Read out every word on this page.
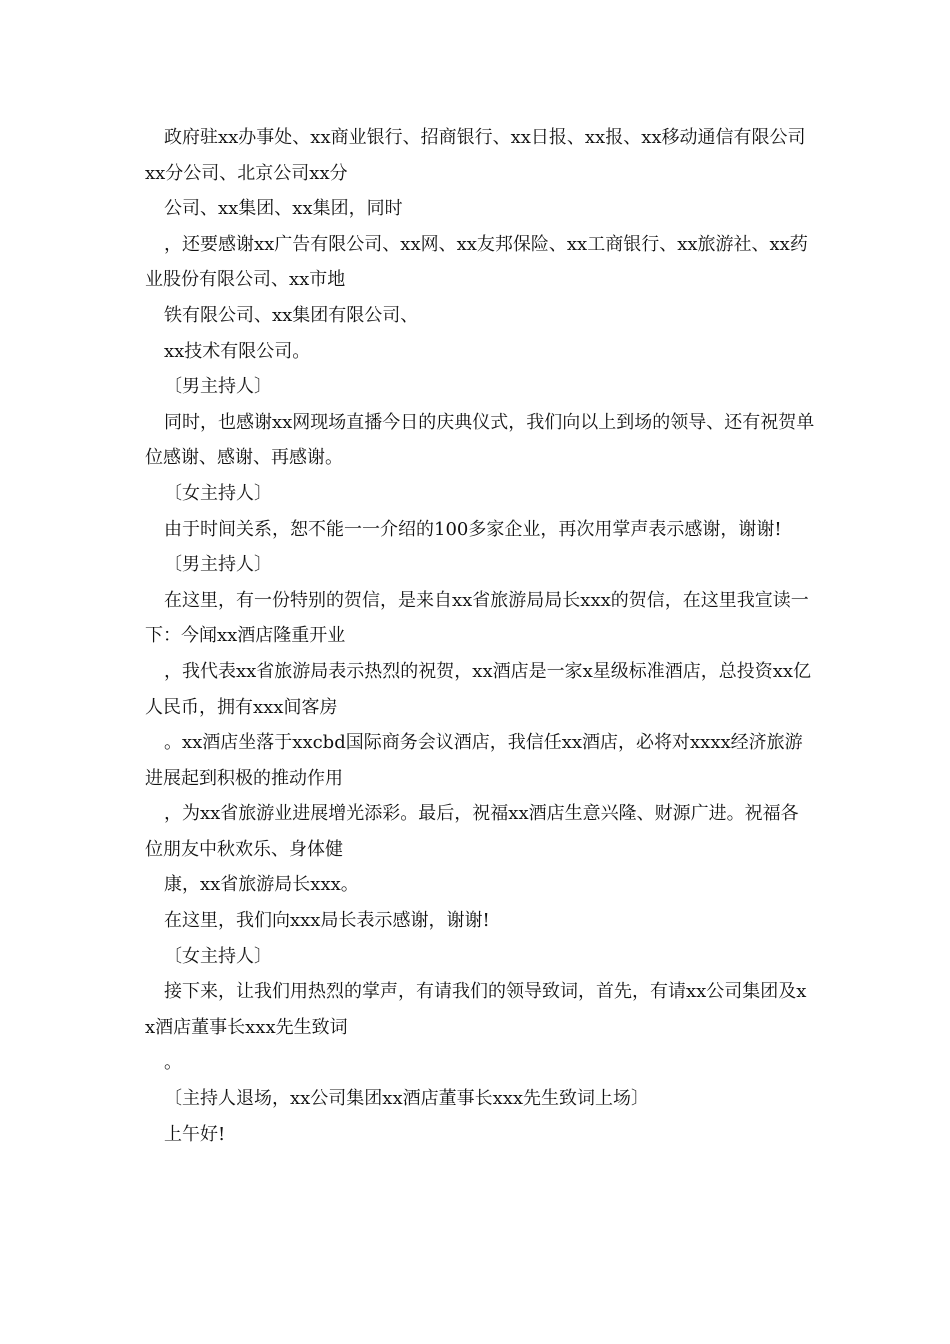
政府驻xx办事处、xx商业银行、招商银行、xx日报、xx报、xx移动通信有限公司xx分公司、北京公司xx分

公司、xx集团、xx集团，同时

，还要感谢xx广告有限公司、xx网、xx友邦保险、xx工商银行、xx旅游社、xx药业股份有限公司、xx市地

铁有限公司、xx集团有限公司、

xx技术有限公司。

〔男主持人〕

同时，也感谢xx网现场直播今日的庆典仪式，我们向以上到场的领导、还有祝贺单位感谢、感谢、再感谢。

〔女主持人〕

由于时间关系，恕不能一一介绍的100多家企业，再次用掌声表示感谢，谢谢!

〔男主持人〕

在这里，有一份特别的贺信，是来自xx省旅游局局长xxx的贺信，在这里我宣读一下：今闻xx酒店隆重开业

，我代表xx省旅游局表示热烈的祝贺，xx酒店是一家x星级标准酒店，总投资xx亿人民币，拥有xxx间客房

。xx酒店坐落于xxcbd国际商务会议酒店，我信任xx酒店，必将对xxxx经济旅游进展起到积极的推动作用

，为xx省旅游业进展增光添彩。最后，祝福xx酒店生意兴隆、财源广进。祝福各位朋友中秋欢乐、身体健

康，xx省旅游局长xxx。

在这里，我们向xxx局长表示感谢，谢谢!

〔女主持人〕

接下来，让我们用热烈的掌声，有请我们的领导致词，首先，有请xx公司集团及xx酒店董事长xxx先生致词

。

〔主持人退场，xx公司集团xx酒店董事长xxx先生致词上场〕

上午好!
